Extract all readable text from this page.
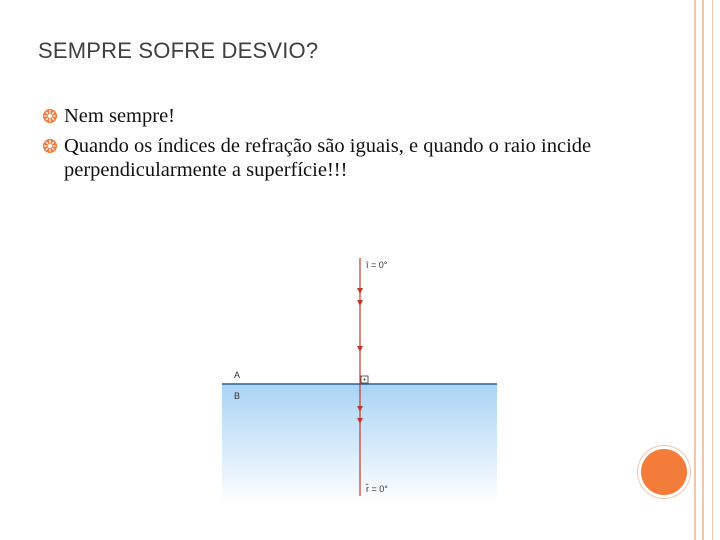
SEMPRE SOFRE DESVIO?
Nem sempre!
Quando os índices de refração são iguais, e quando o raio incide perpendicularmente a superfície!!!
î = 0°
r̂ = 0°
A
B
